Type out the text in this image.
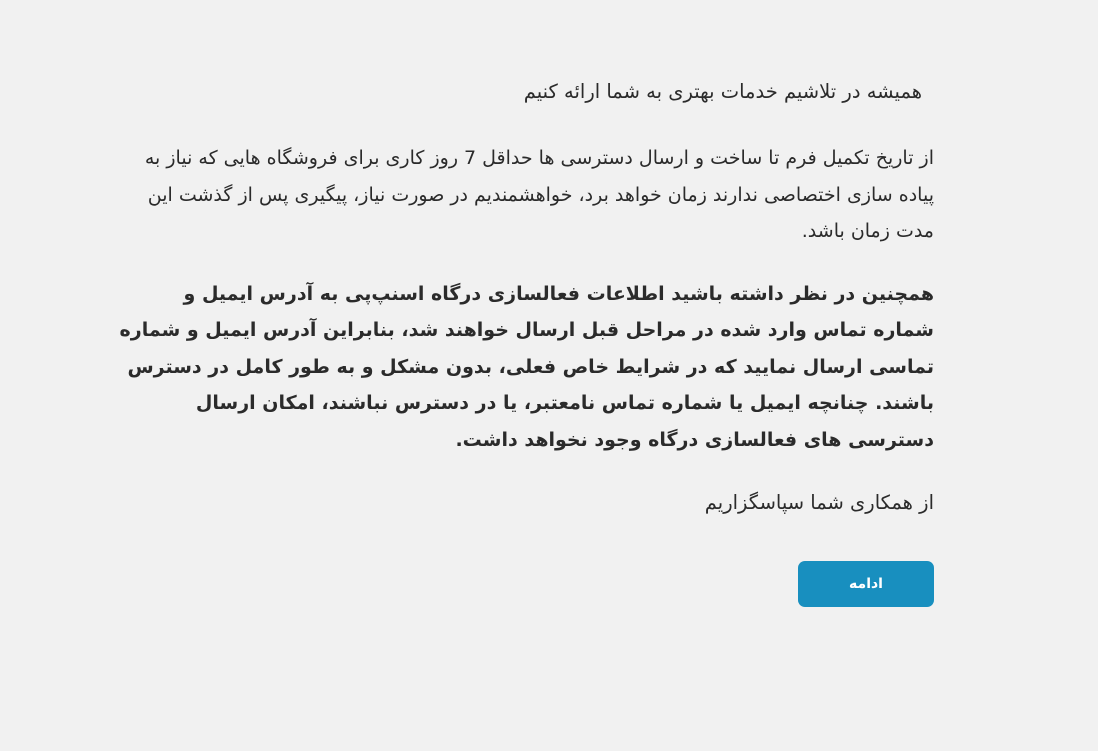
همیشه در تلاشیم خدمات بهتری به شما ارائه کنیم

از تاریخ تکمیل فرم تا ساخت و ارسال دسترسی ها حداقل 7 روز کاری برای فروشگاه هایی که نیاز به پیاده سازی اختصاصی ندارند زمان خواهد برد، خواهشمندیم در صورت نیاز، پیگیری پس از گذشت این مدت زمان باشد.

همچنین در نظر داشته باشید اطلاعات فعالسازی درگاه اسنپ‌پی به آدرس ایمیل و شماره تماس وارد شده در مراحل قبل ارسال خواهند شد، بنابراین آدرس ایمیل و شماره تماسی ارسال نمایید که در شرایط خاص فعلی، بدون مشکل و به طور کامل در دسترس باشند. چنانچه ایمیل یا شماره تماس نامعتبر، یا در دسترس نباشند، امکان ارسال دسترسی های فعالسازی درگاه وجود نخواهد داشت.

از همکاری شما سپاسگزاریم

ادامه
